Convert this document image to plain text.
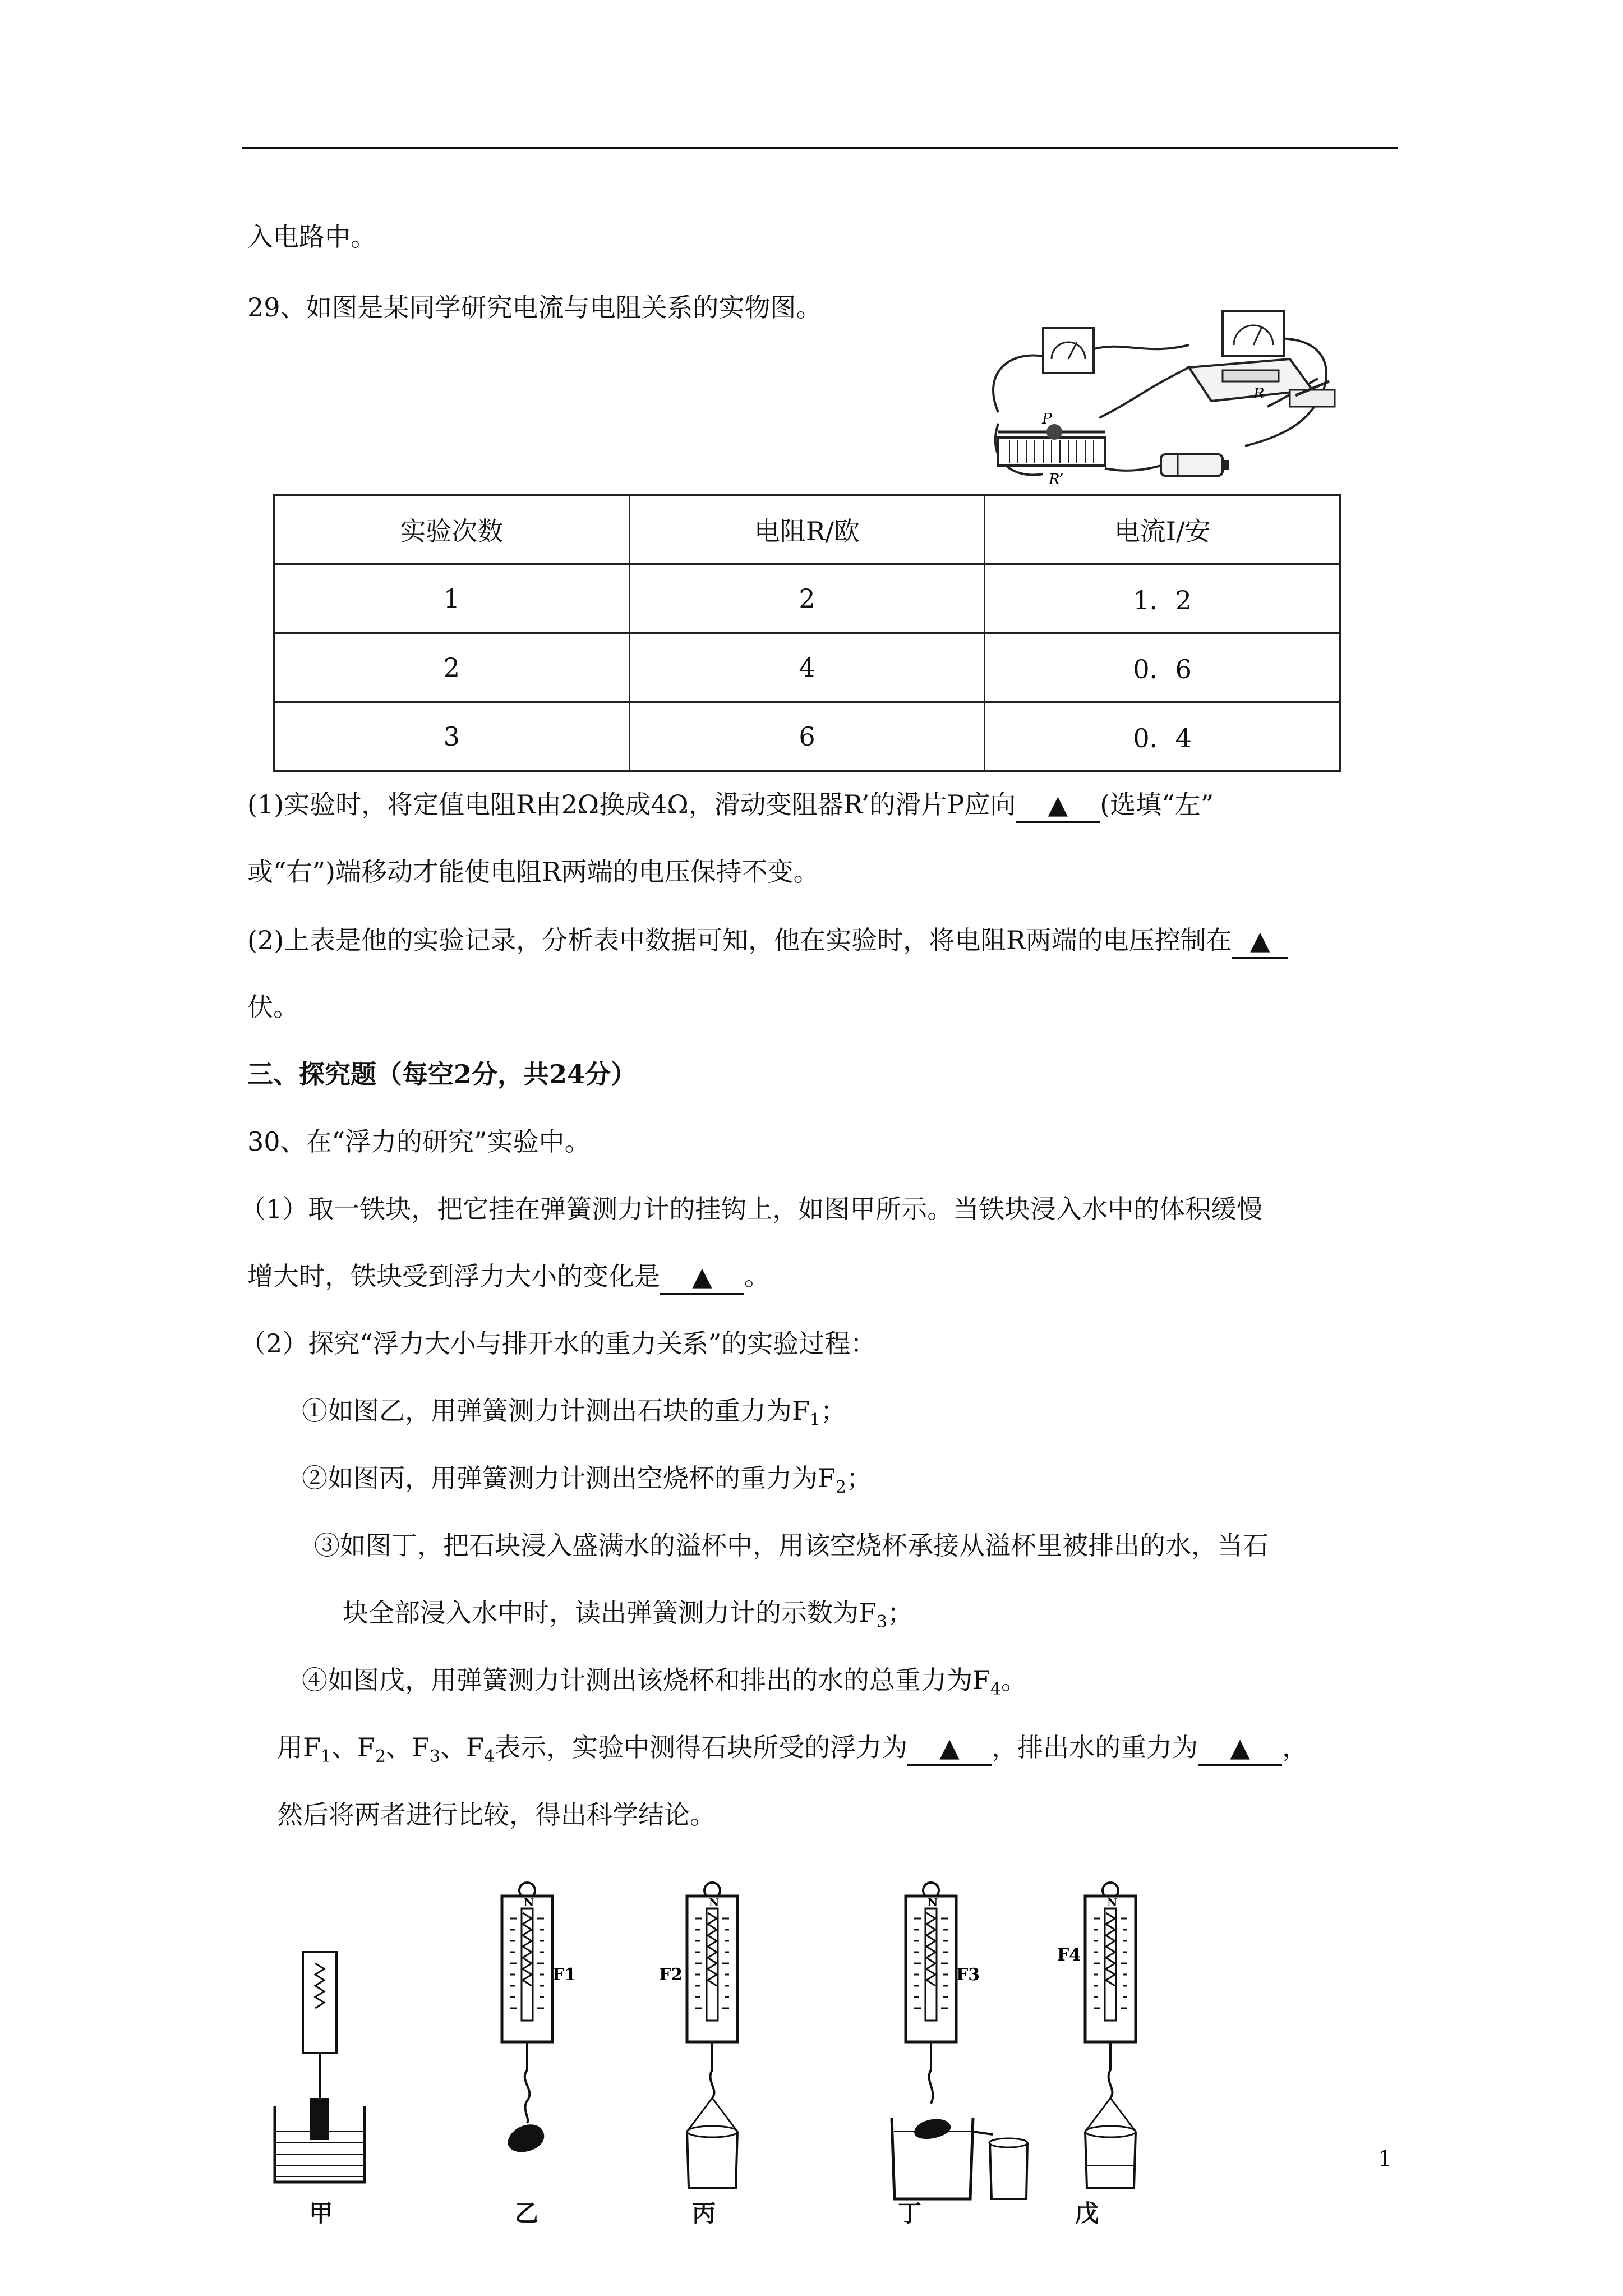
入电路中。
29、如图是某同学研究电流与电阻关系的实物图。
R
P
R’
实验次数	电阻R/欧	电流I/安
1	2	1．2
2	4	0．6
3	6	0．4
(1)实验时，将定值电阻R由2Ω换成4Ω，滑动变阻器R’的滑片P应向 ▲ (选填“左”
或“右”)端移动才能使电阻R两端的电压保持不变。
(2)上表是他的实验记录，分析表中数据可知，他在实验时，将电阻R两端的电压控制在 ▲
伏。
三、探究题（每空2分，共24分）
30、在“浮力的研究”实验中。
（1）取一铁块，把它挂在弹簧测力计的挂钩上，如图甲所示。当铁块浸入水中的体积缓慢
增大时，铁块受到浮力大小的变化是 ▲ 。
（2）探究“浮力大小与排开水的重力关系”的实验过程：
①如图乙，用弹簧测力计测出石块的重力为$F_1$；
②如图丙，用弹簧测力计测出空烧杯的重力为$F_2$；
③如图丁，把石块浸入盛满水的溢杯中，用该空烧杯承接从溢杯里被排出的水，当石
块全部浸入水中时，读出弹簧测力计的示数为$F_3$；
④如图戊，用弹簧测力计测出该烧杯和排出的水的总重力为$F_4$。
用$F_1$、$F_2$、$F_3$、$F_4$表示，实验中测得石块所受的浮力为 ▲ ，排出水的重力为 ▲ ，
然后将两者进行比较，得出科学结论。
N
F1
N
F2
N
F3
N
F4
甲	乙	丙	丁	戊
1
